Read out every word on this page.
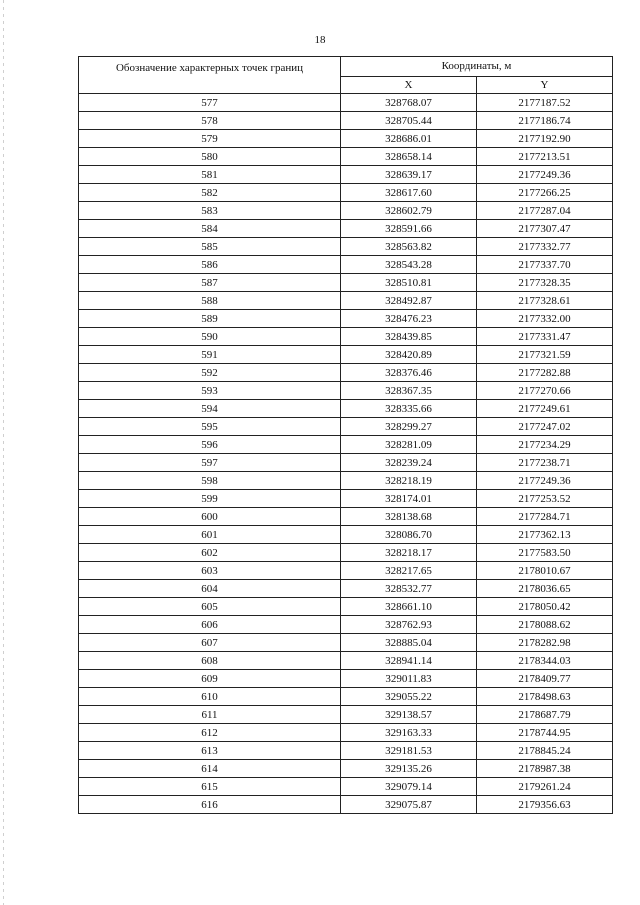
18
Обозначение характерных точек границ	Координаты, м	
	X	Y
577	328768.07	2177187.52
578	328705.44	2177186.74
579	328686.01	2177192.90
580	328658.14	2177213.51
581	328639.17	2177249.36
582	328617.60	2177266.25
583	328602.79	2177287.04
584	328591.66	2177307.47
585	328563.82	2177332.77
586	328543.28	2177337.70
587	328510.81	2177328.35
588	328492.87	2177328.61
589	328476.23	2177332.00
590	328439.85	2177331.47
591	328420.89	2177321.59
592	328376.46	2177282.88
593	328367.35	2177270.66
594	328335.66	2177249.61
595	328299.27	2177247.02
596	328281.09	2177234.29
597	328239.24	2177238.71
598	328218.19	2177249.36
599	328174.01	2177253.52
600	328138.68	2177284.71
601	328086.70	2177362.13
602	328218.17	2177583.50
603	328217.65	2178010.67
604	328532.77	2178036.65
605	328661.10	2178050.42
606	328762.93	2178088.62
607	328885.04	2178282.98
608	328941.14	2178344.03
609	329011.83	2178409.77
610	329055.22	2178498.63
611	329138.57	2178687.79
612	329163.33	2178744.95
613	329181.53	2178845.24
614	329135.26	2178987.38
615	329079.14	2179261.24
616	329075.87	2179356.63
